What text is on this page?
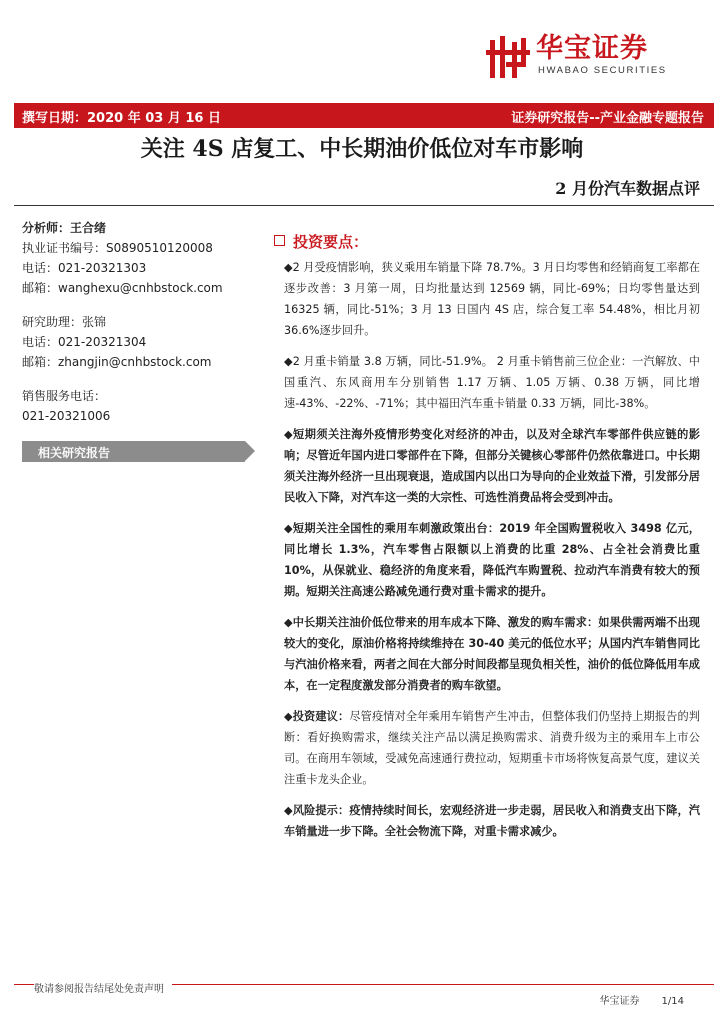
华宝证券
HWABAO SECURITIES
撰写日期：2020 年 03 月 16 日	证券研究报告--产业金融专题报告
关注 4S 店复工、中长期油价低位对车市影响
2 月份汽车数据点评
分析师：王合绪
执业证书编号：S0890510120008
电话：021-20321303
邮箱：wanghexu@cnhbstock.com
研究助理：张锦
电话：021-20321304
邮箱：zhangjin@cnhbstock.com
销售服务电话：
021-20321006
相关研究报告
投资要点：

◆2 月受疫情影响，狭义乘用车销量下降 78.7%。3 月日均零售和经销商复工率都在逐步改善：3 月第一周，日均批量达到 12569 辆，同比-69%；日均零售量达到 16325 辆，同比-51%；3 月 13 日国内 4S 店，综合复工率 54.48%，相比月初 36.6%逐步回升。

◆2 月重卡销量 3.8 万辆，同比-51.9%。 2 月重卡销售前三位企业：一汽解放、中国重汽、东风商用车分别销售 1.17 万辆、1.05 万辆、0.38 万辆，同比增速-43%、-22%、-71%；其中福田汽车重卡销量 0.33 万辆，同比-38%。

◆短期须关注海外疫情形势变化对经济的冲击，以及对全球汽车零部件供应链的影响；尽管近年国内进口零部件在下降，但部分关键核心零部件仍然依靠进口。中长期须关注海外经济一旦出现衰退，造成国内以出口为导向的企业效益下滑，引发部分居民收入下降，对汽车这一类的大宗性、可选性消费品将会受到冲击。

◆短期关注全国性的乘用车刺激政策出台：2019 年全国购置税收入 3498 亿元，同比增长 1.3%，汽车零售占限额以上消费的比重 28%、占全社会消费比重 10%，从保就业、稳经济的角度来看，降低汽车购置税、拉动汽车消费有较大的预期。短期关注高速公路减免通行费对重卡需求的提升。

◆中长期关注油价低位带来的用车成本下降、激发的购车需求：如果供需两端不出现较大的变化，原油价格将持续维持在 30-40 美元的低位水平；从国内汽车销售同比与汽油价格来看，两者之间在大部分时间段都呈现负相关性，油价的低位降低用车成本，在一定程度激发部分消费者的购车欲望。

◆投资建议：尽管疫情对全年乘用车销售产生冲击，但整体我们仍坚持上期报告的判断：看好换购需求，继续关注产品以满足换购需求、消费升级为主的乘用车上市公司。在商用车领域，受减免高速通行费拉动，短期重卡市场将恢复高景气度，建议关注重卡龙头企业。

◆风险提示：疫情持续时间长，宏观经济进一步走弱，居民收入和消费支出下降，汽车销量进一步下降。全社会物流下降，对重卡需求减少。

敬请参阅报告结尾处免责声明
华宝证券 1/14
